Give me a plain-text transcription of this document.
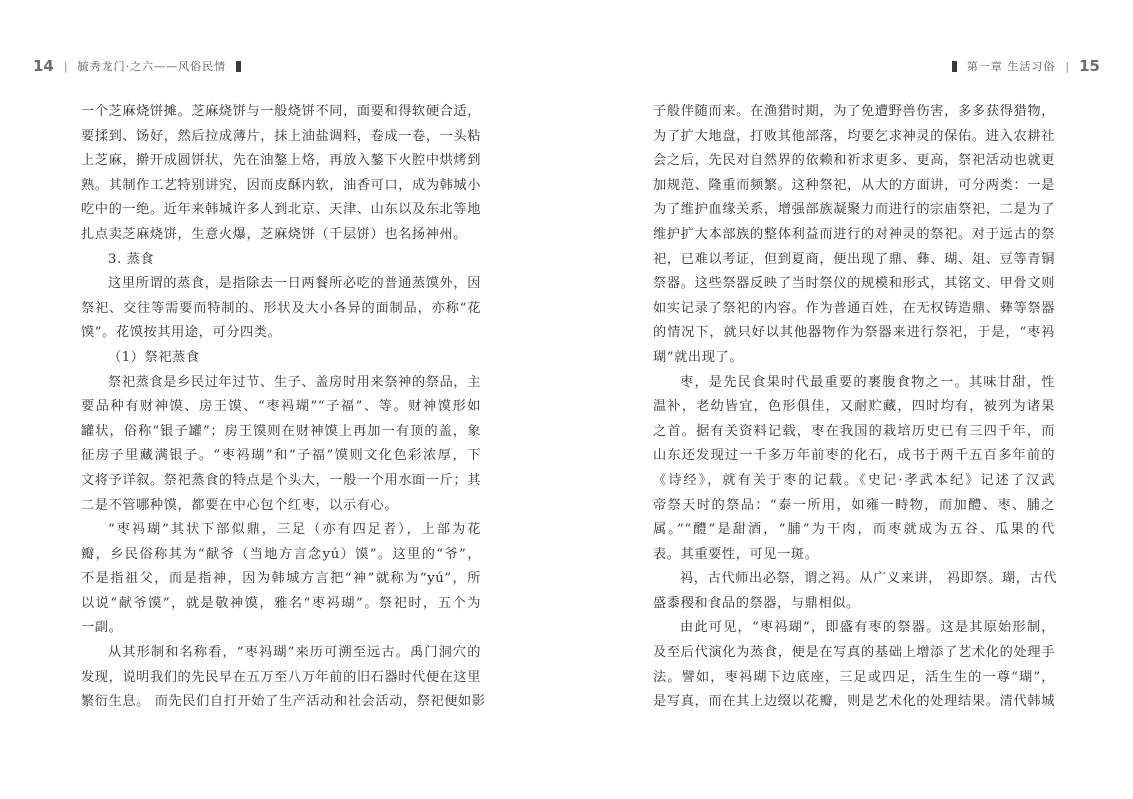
14 | 毓秀龙门·之六——风俗民情	第一章 生活习俗 | 15
一个芝麻烧饼摊。芝麻烧饼与一般烧饼不同，面要和得软硬合适，
要揉到、饧好，然后拉成薄片，抹上油盐调料，卷成一卷，一头粘
上芝麻，擀开成圆饼状，先在油鏊上烙，再放入鏊下火腔中烘烤到
熟。其制作工艺特别讲究，因而皮酥内软，油香可口，成为韩城小
吃中的一绝。近年来韩城许多人到北京、天津、山东以及东北等地
扎点卖芝麻烧饼，生意火爆，芝麻烧饼（千层饼）也名扬神州。
3. 蒸食
这里所谓的蒸食，是指除去一日两餐所必吃的普通蒸馍外，因
祭祀、交往等需要而特制的、形状及大小各异的面制品，亦称“花
馍”。花馍按其用途，可分四类。
（1）祭祀蒸食
祭祀蒸食是乡民过年过节、生子、盖房时用来祭神的祭品，主
要品种有财神馍、房王馍、“枣祃瑚”“子福”、等。财神馍形如
罐状，俗称“银子罐”；房王馍则在财神馍上再加一有顶的盖，象
征房子里藏满银子。“枣祃瑚”和“子福”馍则文化色彩浓厚，下
文将予详叙。祭祀蒸食的特点是个头大，一般一个用水面一斤；其
二是不管哪种馍，都要在中心包个红枣，以示有心。
“枣祃瑚”其状下部似鼎，三足（亦有四足者），上部为花
瓣，乡民俗称其为“献爷（当地方言念yú）馍”。这里的“爷”，
不是指祖父，而是指神，因为韩城方言把“神”就称为“yú”，所
以说“献爷馍”，就是敬神馍，雅名“枣祃瑚”。祭祀时，五个为
一副。
从其形制和名称看，“枣祃瑚”来历可溯至远古。禹门洞穴的
发现，说明我们的先民早在五万至八万年前的旧石器时代便在这里
繁衍生息。 而先民们自打开始了生产活动和社会活动，祭祀便如影
子般伴随而来。在渔猎时期，为了免遭野兽伤害，多多获得猎物，
为了扩大地盘，打败其他部落，均要乞求神灵的保佑。进入农耕社
会之后，先民对自然界的依赖和祈求更多、更高，祭祀活动也就更
加规范、隆重而频繁。这种祭祀，从大的方面讲，可分两类：一是
为了维护血缘关系，增强部族凝聚力而进行的宗庙祭祀，二是为了
维护扩大本部族的整体利益而进行的对神灵的祭祀。对于远古的祭
祀，已难以考证，但到夏商，便出现了鼎、彝、瑚、俎、豆等青铜
祭器。这些祭器反映了当时祭仪的规模和形式，其铭文、甲骨文则
如实记录了祭祀的内容。作为普通百姓，在无权铸造鼎、彝等祭器
的情况下，就只好以其他器物作为祭器来进行祭祀，于是，“枣祃
瑚”就出现了。
枣，是先民食果时代最重要的裹腹食物之一。其味甘甜，性
温补，老幼皆宜，色形俱佳，又耐贮藏，四时均有，被列为诸果
之首。据有关资料记载，枣在我国的栽培历史已有三四千年，而
山东还发现过一千多万年前枣的化石，成书于两千五百多年前的
《诗经》，就有关于枣的记载。《史记·孝武本纪》记述了汉武
帝祭天时的祭品：“泰一所用，如雍一畤物，而加醴、枣、脯之
属。”“醴”是甜酒，“脯”为干肉，而枣就成为五谷、瓜果的代
表。其重要性，可见一斑。
祃，古代师出必祭，谓之祃。从广义来讲， 祃即祭。瑚，古代
盛黍稷和食品的祭器，与鼎相似。
由此可见，“枣祃瑚”，即盛有枣的祭器。这是其原始形制，
及至后代演化为蒸食，便是在写真的基础上增添了艺术化的处理手
法。譬如，枣祃瑚下边底座，三足或四足，活生生的一尊“瑚”，
是写真，而在其上边缀以花瓣，则是艺术化的处理结果。清代韩城
